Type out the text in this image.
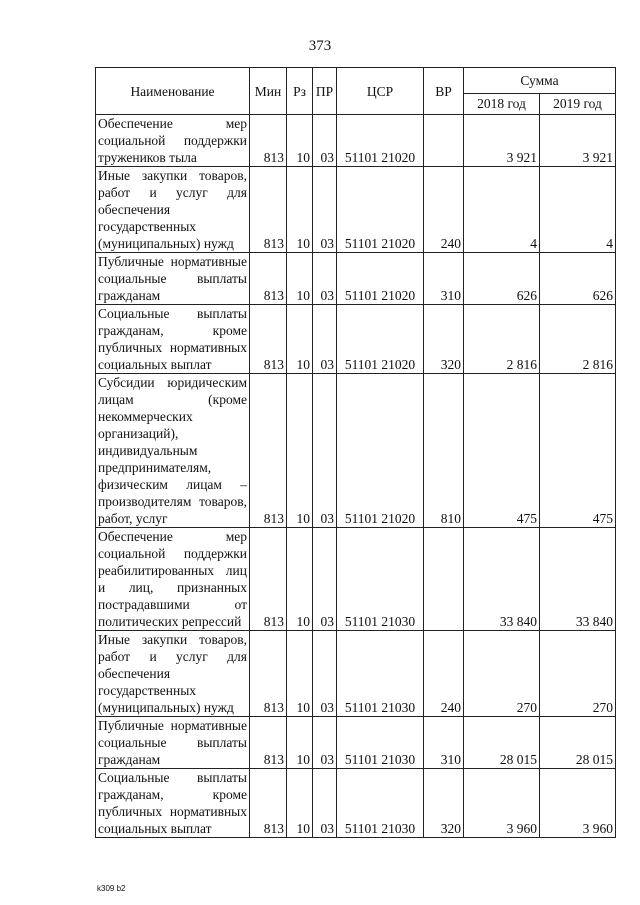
373
Наименование	Мин	Рз	ПР	ЦСР	ВР	Сумма	
						2018 год	2019 год
Обеспечение мер социальной поддержки тружеников тыла	813	10	03	51101 21020		3 921	3 921
Иные закупки товаров, работ и услуг для обеспечения государственных (муниципальных) нужд	813	10	03	51101 21020	240	4	4
Публичные нормативные социальные выплаты гражданам	813	10	03	51101 21020	310	626	626
Социальные выплаты гражданам, кроме публичных нормативных социальных выплат	813	10	03	51101 21020	320	2 816	2 816
Субсидии юридическим лицам (кроме некоммерческих организаций), индивидуальным предпринимателям, физическим лицам – производителям товаров, работ, услуг	813	10	03	51101 21020	810	475	475
Обеспечение мер социальной поддержки реабилитированных лиц и лиц, признанных пострадавшими от политических репрессий	813	10	03	51101 21030		33 840	33 840
Иные закупки товаров, работ и услуг для обеспечения государственных (муниципальных) нужд	813	10	03	51101 21030	240	270	270
Публичные нормативные социальные выплаты гражданам	813	10	03	51101 21030	310	28 015	28 015
Социальные выплаты гражданам, кроме публичных нормативных социальных выплат	813	10	03	51101 21030	320	3 960	3 960
k309 b2
